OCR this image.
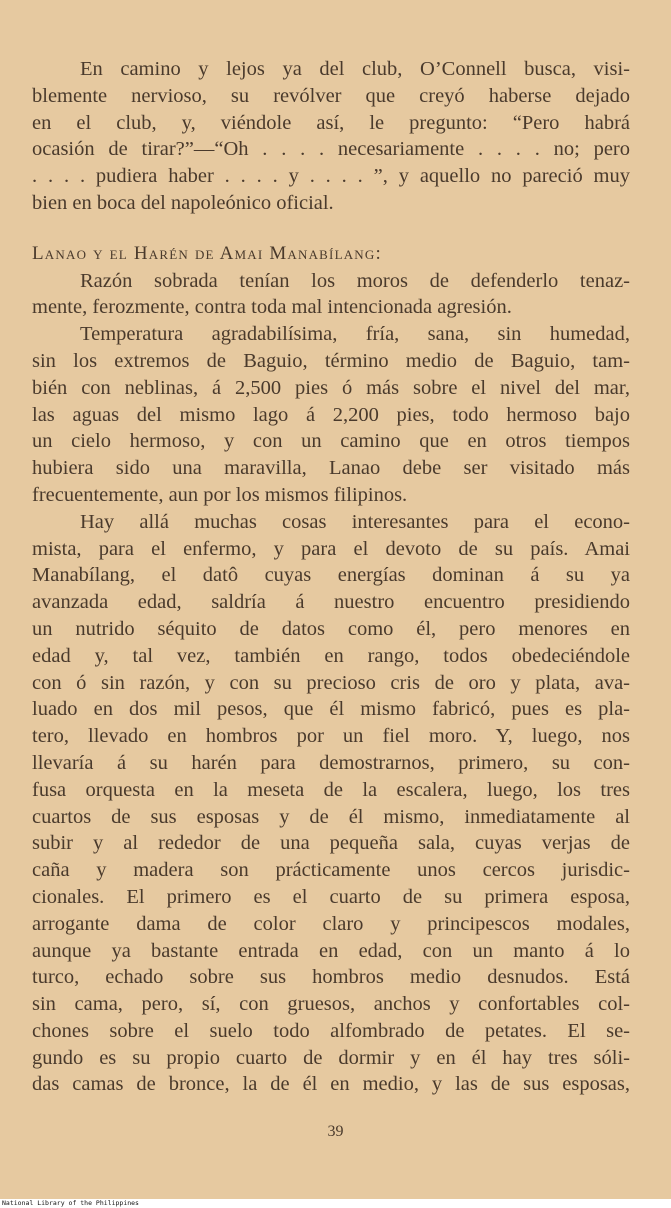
En camino y lejos ya del club, O’Connell busca, visi-
blemente nervioso, su revólver que creyó haberse dejado
en el club, y, viéndole así, le pregunto: “Pero habrá
ocasión de tirar?”—“Oh . . . . necesariamente . . . . no; pero
. . . . pudiera haber . . . . y . . . . ”, y aquello no pareció muy
bien en boca del napoleónico oficial.
Lanao y el Harén de Amai Manabílang:
Razón sobrada tenían los moros de defenderlo tenaz-
mente, ferozmente, contra toda mal intencionada agresión.
Temperatura agradabilísima, fría, sana, sin humedad,
sin los extremos de Baguio, término medio de Baguio, tam-
bién con neblinas, á 2,500 pies ó más sobre el nivel del mar,
las aguas del mismo lago á 2,200 pies, todo hermoso bajo
un cielo hermoso, y con un camino que en otros tiempos
hubiera sido una maravilla, Lanao debe ser visitado más
frecuentemente, aun por los mismos filipinos.
Hay allá muchas cosas interesantes para el econo-
mista, para el enfermo, y para el devoto de su país. Amai
Manabílang, el datô cuyas energías dominan á su ya
avanzada edad, saldría á nuestro encuentro presidiendo
un nutrido séquito de datos como él, pero menores en
edad y, tal vez, también en rango, todos obedeciéndole
con ó sin razón, y con su precioso cris de oro y plata, ava-
luado en dos mil pesos, que él mismo fabricó, pues es pla-
tero, llevado en hombros por un fiel moro. Y, luego, nos
llevaría á su harén para demostrarnos, primero, su con-
fusa orquesta en la meseta de la escalera, luego, los tres
cuartos de sus esposas y de él mismo, inmediatamente al
subir y al rededor de una pequeña sala, cuyas verjas de
caña y madera son prácticamente unos cercos jurisdic-
cionales. El primero es el cuarto de su primera esposa,
arrogante dama de color claro y principescos modales,
aunque ya bastante entrada en edad, con un manto á lo
turco, echado sobre sus hombros medio desnudos. Está
sin cama, pero, sí, con gruesos, anchos y confortables col-
chones sobre el suelo todo alfombrado de petates. El se-
gundo es su propio cuarto de dormir y en él hay tres sóli-
das camas de bronce, la de él en medio, y las de sus esposas,
39
National Library of the Philippines
